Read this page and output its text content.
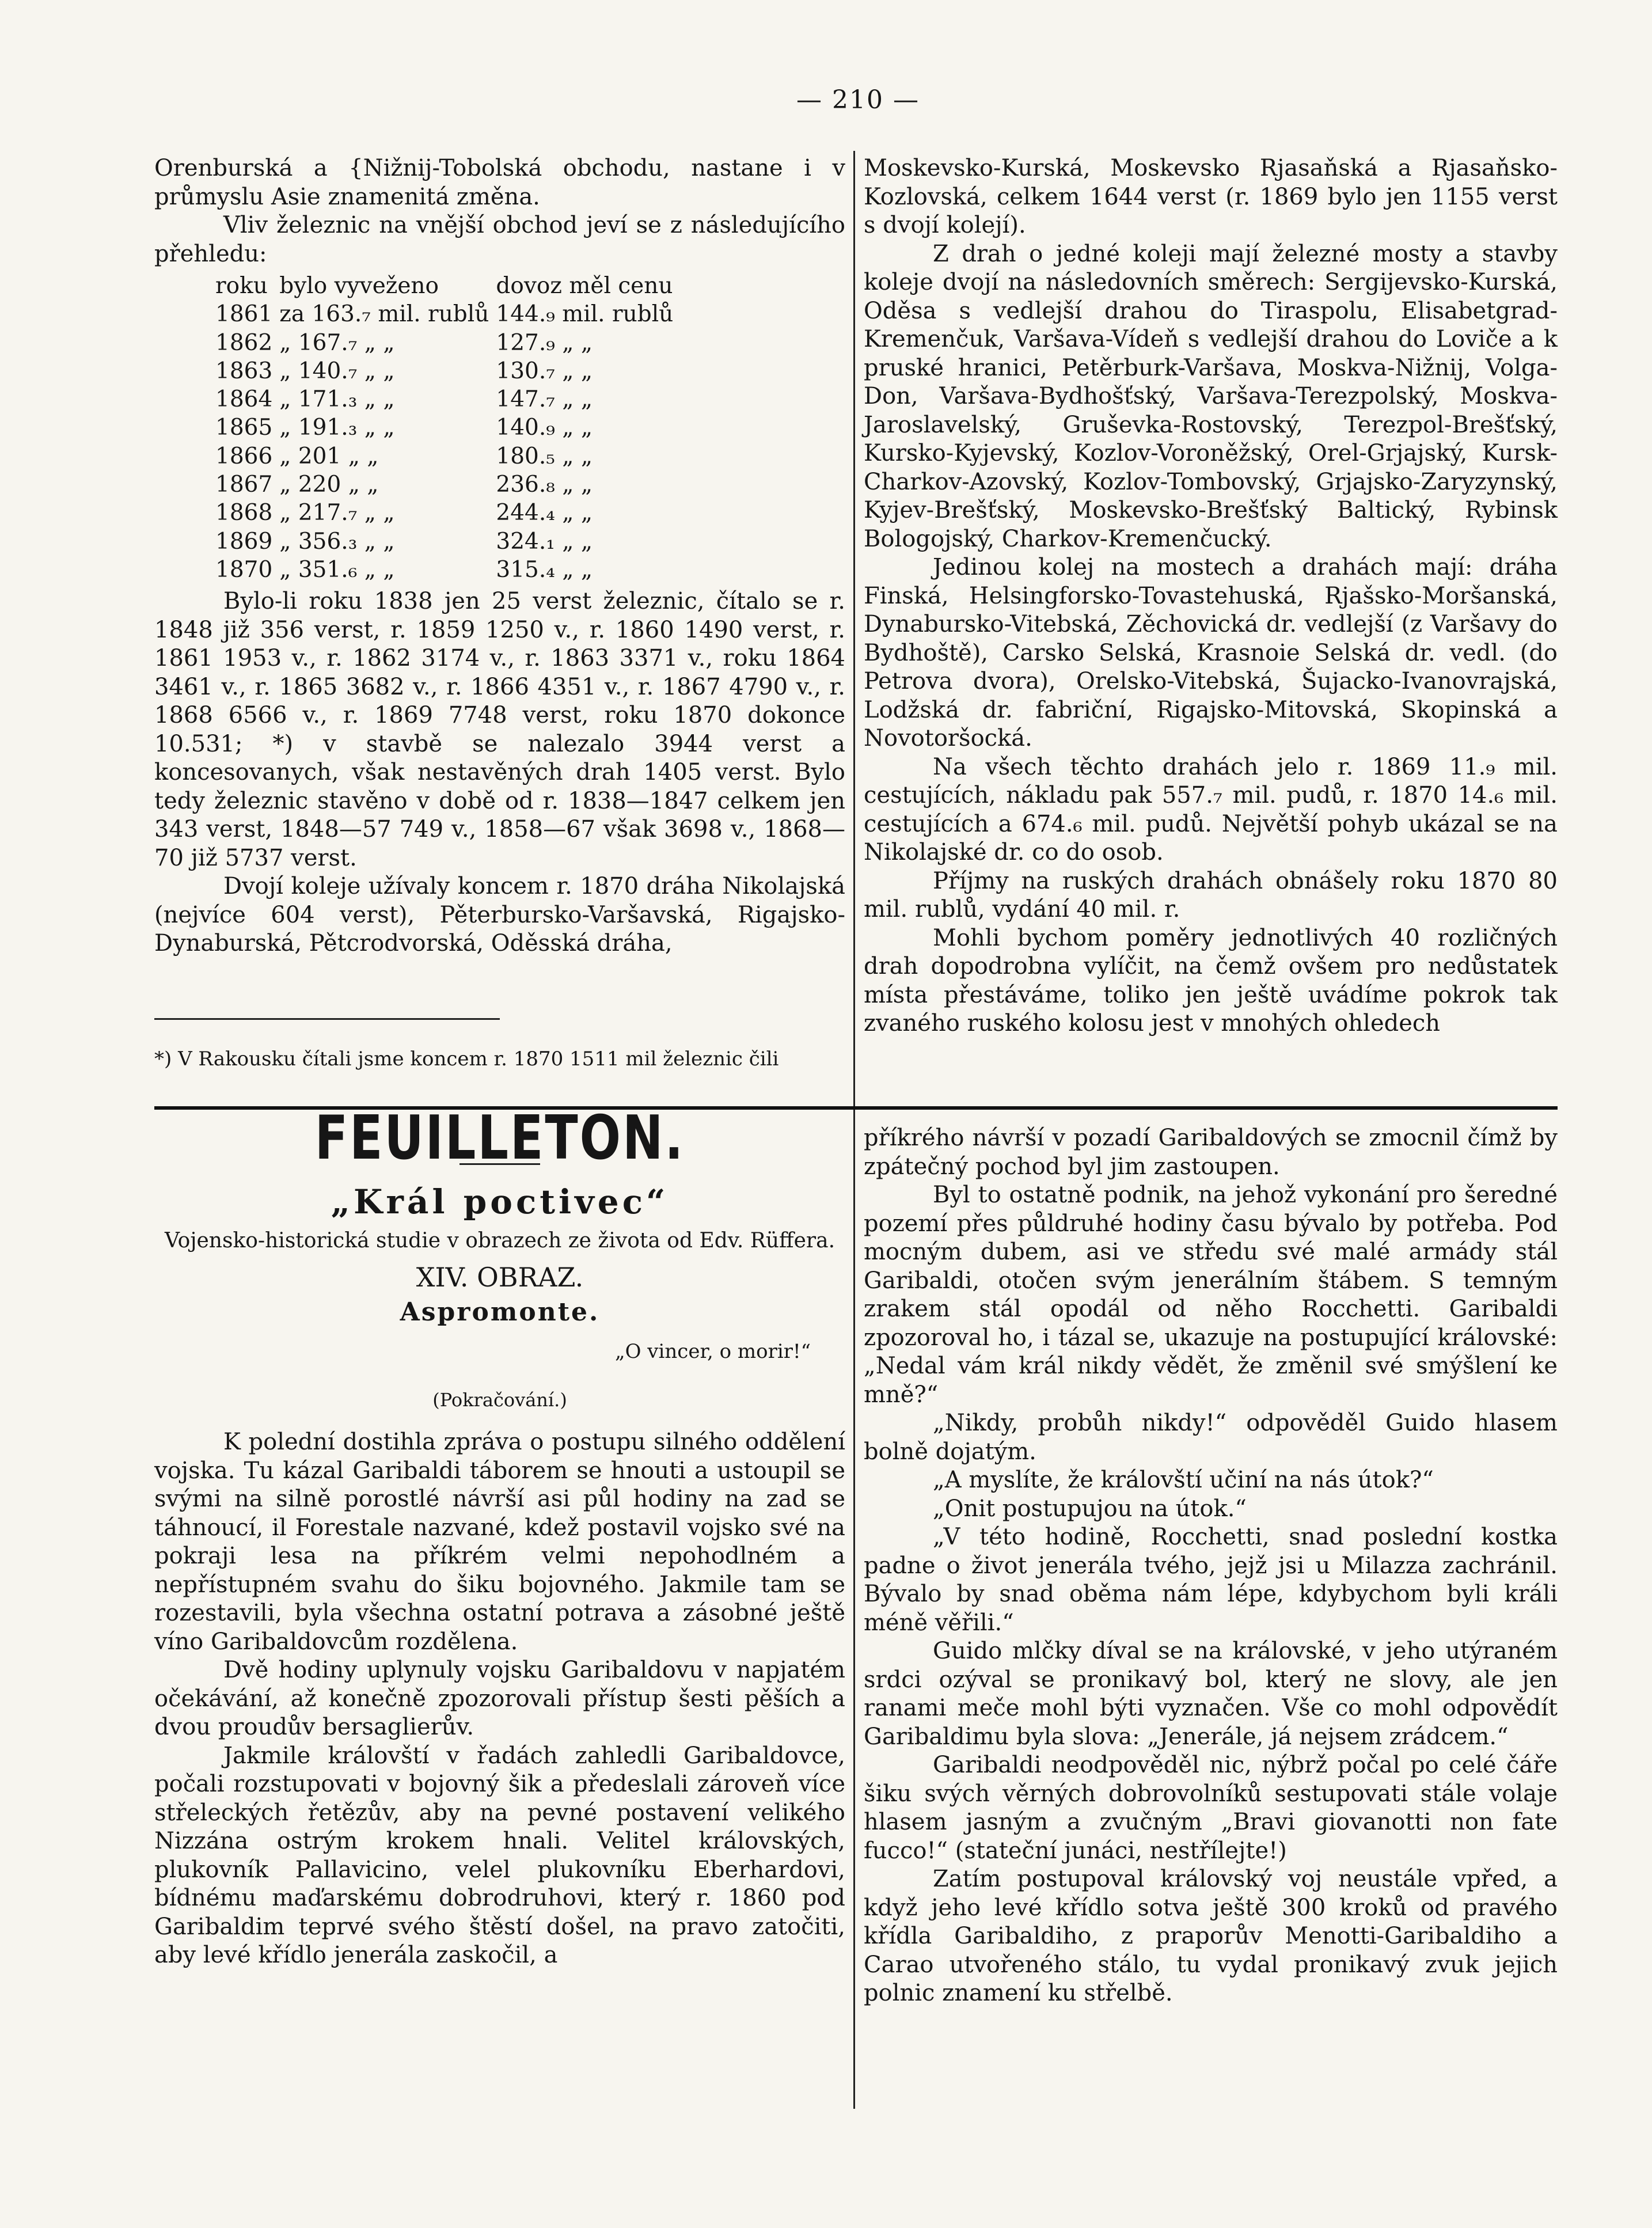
— 210 —

Orenburská a {Nižnij-Tobolská obchodu, nastane i v průmyslu Asie znamenitá změna.

Vliv železnic na vnější obchod jeví se z následujícího přehledu:

roku	bylo vyveženo	dovoz	měl cenu
1861	za 163.₇ mil. rublů	144.₉ mil. rublů	
1862	„ 167.₇ „ „	127.₉ „ „	
1863	„ 140.₇ „ „	130.₇ „ „	
1864	„ 171.₃ „ „	147.₇ „ „	
1865	„ 191.₃ „ „	140.₉ „ „	
1866	„ 201 „ „	180.₅ „ „	
1867	„ 220 „ „	236.₈ „ „	
1868	„ 217.₇ „ „	244.₄ „ „	
1869	„ 356.₃ „ „	324.₁ „ „	
1870	„ 351.₆ „ „	315.₄ „ „	

Bylo-li roku 1838 jen 25 verst železnic, čítalo se r. 1848 již 356 verst, r. 1859 1250 v., r. 1860 1490 verst, r. 1861 1953 v., r. 1862 3174 v., r. 1863 3371 v., roku 1864 3461 v., r. 1865 3682 v., r. 1866 4351 v., r. 1867 4790 v., r. 1868 6566 v., r. 1869 7748 verst, roku 1870 dokonce 10.531; *) v stavbě se nalezalo 3944 verst a koncesovanych, však nestavěných drah 1405 verst. Bylo tedy železnic stavěno v době od r. 1838—1847 celkem jen 343 verst, 1848—57 749 v., 1858—67 však 3698 v., 1868—70 již 5737 verst.

Dvojí koleje užívaly koncem r. 1870 dráha Nikolajská (nejvíce 604 verst), Pěterbursko-Varšavská, Rigajsko-Dynaburská, Pětcrodvorská, Oděsská dráha,

*) V Rakousku čítali jsme koncem r. 1870 1511 mil železnic čili

Moskevsko-Kurská, Moskevsko Rjasaňská a Rjasaňsko-Kozlovská, celkem 1644 verst (r. 1869 bylo jen 1155 verst s dvojí kolejí).

Z drah o jedné koleji mají železné mosty a stavby koleje dvojí na následovních směrech: Sergijevsko-Kurská, Oděsa s vedlejší drahou do Tiraspolu, Elisabetgrad-Kremenčuk, Varšava-Vídeň s vedlejší drahou do Loviče a k pruské hranici, Petěrburk-Varšava, Moskva-Nižnij, Volga-Don, Varšava-Bydhošťský, Varšava-Terezpolský, Moskva-Jaroslavelský, Gruševka-Rostovský, Terezpol-Brešťský, Kursko-Kyjevský, Kozlov-Voroněžský, Orel-Grjajský, Kursk-Charkov-Azovský, Kozlov-Tombovský, Grjajsko-Zaryzynský, Kyjev-Brešťský, Moskevsko-Brešťský Baltický, Rybinsk Bologojský, Charkov-Kremenčucký.

Jedinou kolej na mostech a drahách mají: dráha Finská, Helsingforsko-Tovastehuská, Rjašsko-Moršanská, Dynabursko-Vitebská, Zěchovická dr. vedlejší (z Varšavy do Bydhoště), Carsko Selská, Krasnoie Selská dr. vedl. (do Petrova dvora), Orelsko-Vitebská, Šujacko-Ivanovrajská, Lodžská dr. fabriční, Rigajsko-Mitovská, Skopinská a Novotoršocká.

Na všech těchto drahách jelo r. 1869 11.₉ mil. cestujících, nákladu pak 557.₇ mil. pudů, r. 1870 14.₆ mil. cestujících a 674.₆ mil. pudů. Největší pohyb ukázal se na Nikolajské dr. co do osob.

Příjmy na ruských drahách obnášely roku 1870 80 mil. rublů, vydání 40 mil. r.

Mohli bychom poměry jednotlivých 40 rozličných drah dopodrobna vylíčit, na čemž ovšem pro nedůstatek místa přestáváme, toliko jen ještě uvádíme pokrok tak zvaného ruského kolosu jest v mnohých ohledech

FEUILLETON.
„Král poctivec“
Vojensko-historická studie v obrazech ze života od Edv. Rüffera.
XIV. OBRAZ.
Aspromonte.
„O vincer, o morir!“
(Pokračování.)

K polední dostihla zpráva o postupu silného oddělení vojska. Tu kázal Garibaldi táborem se hnouti a ustoupil se svými na silně porostlé návrší asi půl hodiny na zad se táhnoucí, il Forestale nazvané, kdež postavil vojsko své na pokraji lesa na příkrém velmi nepohodlném a nepřístupném svahu do šiku bojovného. Jakmile tam se rozestavili, byla všechna ostatní potrava a zásobné ještě víno Garibaldovcům rozdělena.

Dvě hodiny uplynuly vojsku Garibaldovu v napjatém očekávání, až konečně zpozorovali přístup šesti pěších a dvou proudův bersaglierův.

Jakmile královští v řadách zahledli Garibaldovce, počali rozstupovati v bojovný šik a předeslali zároveň více střeleckých řetězův, aby na pevné postavení velikého Nizzána ostrým krokem hnali. Velitel královských, plukovník Pallavicino, velel plukovníku Eberhardovi, bídnému maďarskému dobrodruhovi, který r. 1860 pod Garibaldim teprvé svého štěstí došel, na pravo zatočiti, aby levé křídlo jenerála zaskočil, a

příkrého návrší v pozadí Garibaldových se zmocnil čímž by zpátečný pochod byl jim zastoupen.

Byl to ostatně podnik, na jehož vykonání pro šeredné pozemí přes půldruhé hodiny času bývalo by potřeba. Pod mocným dubem, asi ve středu své malé armády stál Garibaldi, otočen svým jenerálním štábem. S temným zrakem stál opodál od něho Rocchetti. Garibaldi zpozoroval ho, i tázal se, ukazuje na postupující královské: „Nedal vám král nikdy vědět, že změnil své smýšlení ke mně?“

„Nikdy, probůh nikdy!“ odpověděl Guido hlasem bolně dojatým.

„A myslíte, že královští učiní na nás útok?“

„Onit postupujou na útok.“

„V této hodině, Rocchetti, snad poslední kostka padne o život jenerála tvého, jejž jsi u Milazza zachránil. Bývalo by snad oběma nám lépe, kdybychom byli králi méně věřili.“

Guido mlčky díval se na královské, v jeho utýraném srdci ozýval se pronikavý bol, který ne slovy, ale jen ranami meče mohl býti vyznačen. Vše co mohl odpovědít Garibaldimu byla slova: „Jenerále, já nejsem zrádcem.“

Garibaldi neodpověděl nic, nýbrž počal po celé čáře šiku svých věrných dobrovolníků sestupovati stále volaje hlasem jasným a zvučným „Bravi giovanotti non fate fucco!“ (stateční junáci, nestřílejte!)

Zatím postupoval královský voj neustále vpřed, a když jeho levé křídlo sotva ještě 300 kroků od pravého křídla Garibaldiho, z praporův Menotti-Garibaldiho a Carao utvořeného stálo, tu vydal pronikavý zvuk jejich polnic znamení ku střelbě.
